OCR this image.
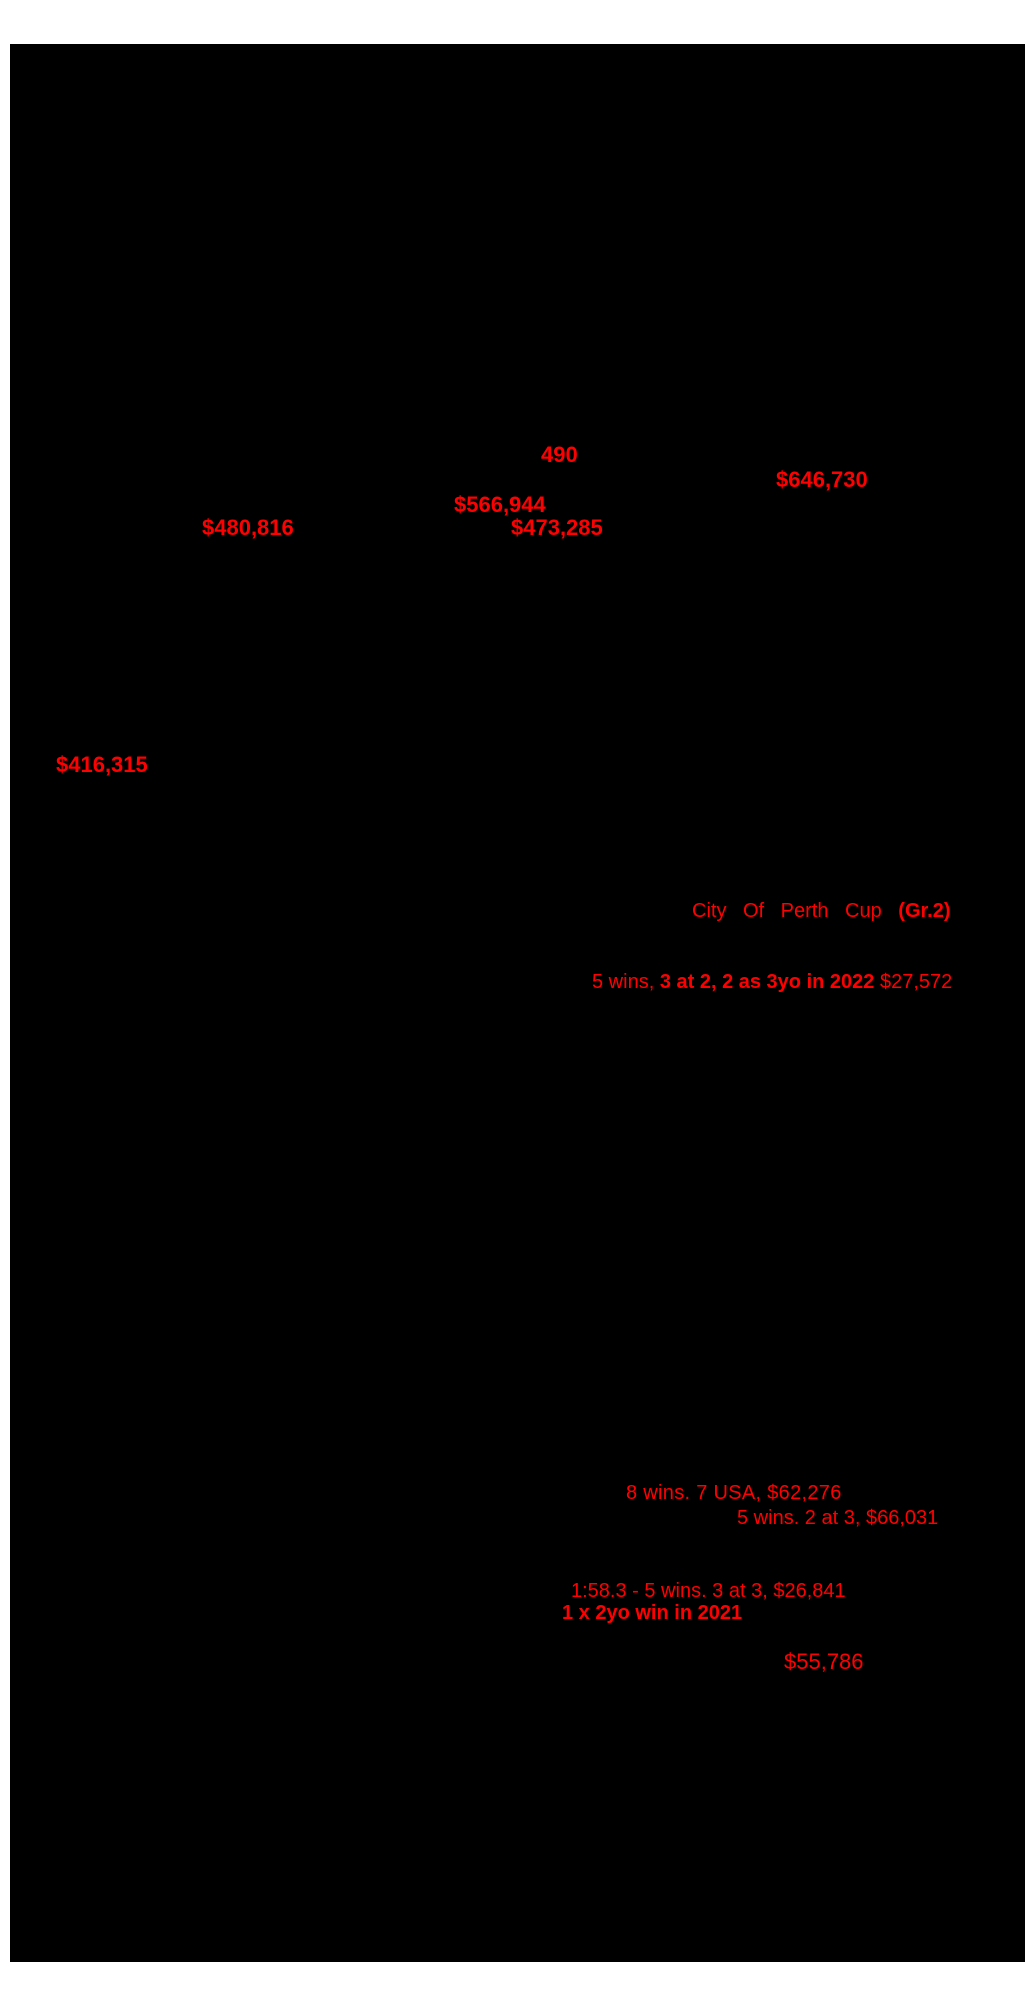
490
$646,730
$566,944
$480,816	$473,285
$416,315
City Of Perth Cup (Gr.2)
5 wins, 3 at 2, 2 as 3yo in 2022 $27,572
8 wins. 7 USA, $62,276
5 wins. 2 at 3, $66,031
1:58.3 - 5 wins. 3 at 3, $26,841
1 x 2yo win in 2021
$55,786
